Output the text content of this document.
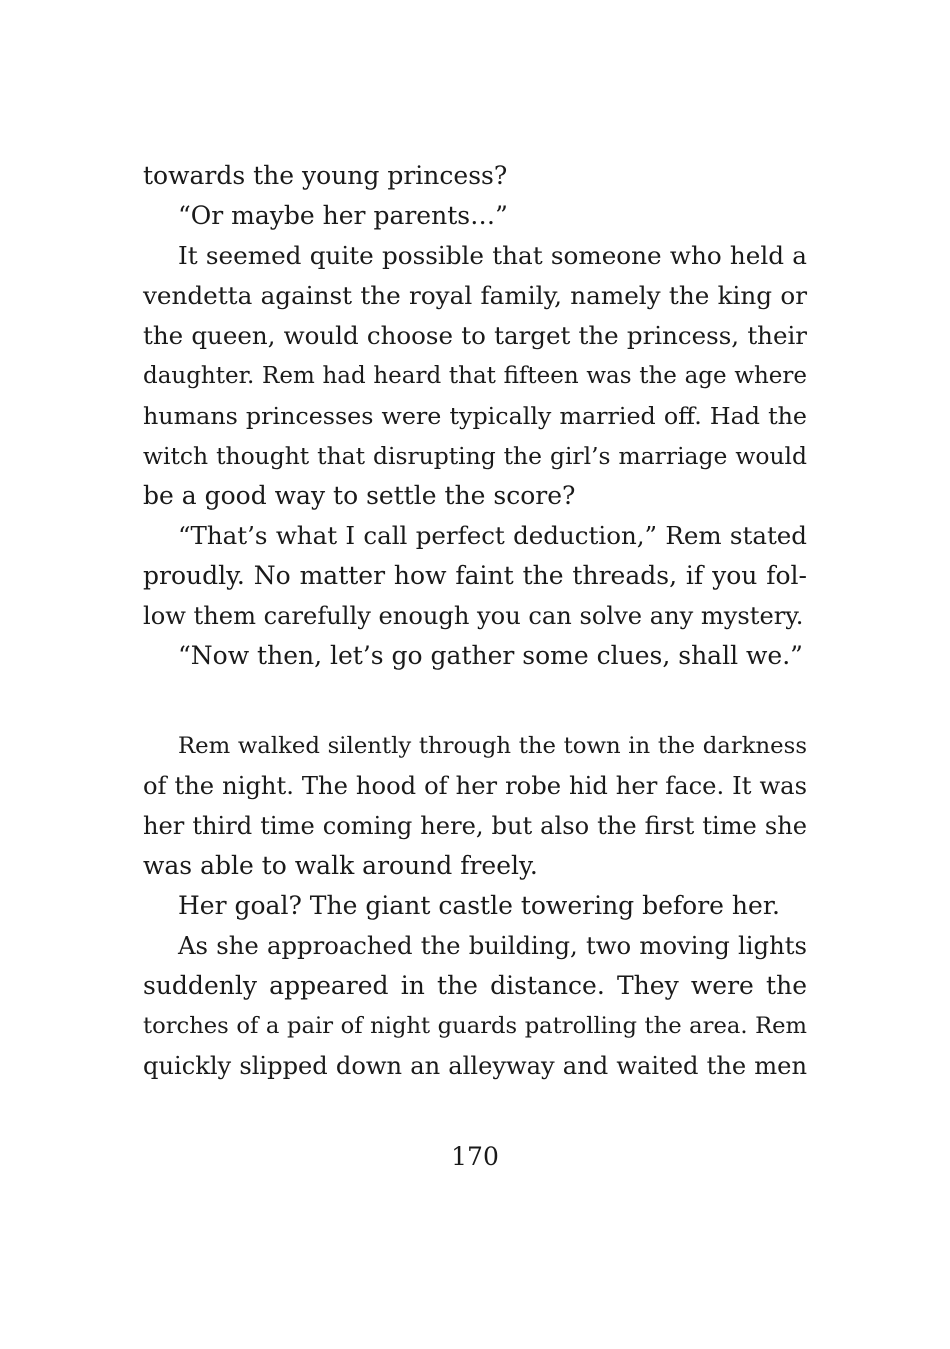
towards the young princess?
“Or maybe her parents…”
It seemed quite possible that someone who held a
vendetta against the royal family, namely the king or
the queen, would choose to target the princess, their
daughter. Rem had heard that fifteen was the age where
humans princesses were typically married off. Had the
witch thought that disrupting the girl’s marriage would
be a good way to settle the score?
“That’s what I call perfect deduction,” Rem stated
proudly. No matter how faint the threads, if you fol-
low them carefully enough you can solve any mystery.
“Now then, let’s go gather some clues, shall we.”
Rem walked silently through the town in the darkness
of the night. The hood of her robe hid her face. It was
her third time coming here, but also the first time she
was able to walk around freely.
Her goal? The giant castle towering before her.
As she approached the building, two moving lights
suddenly appeared in the distance. They were the
torches of a pair of night guards patrolling the area. Rem
quickly slipped down an alleyway and waited the men
170
